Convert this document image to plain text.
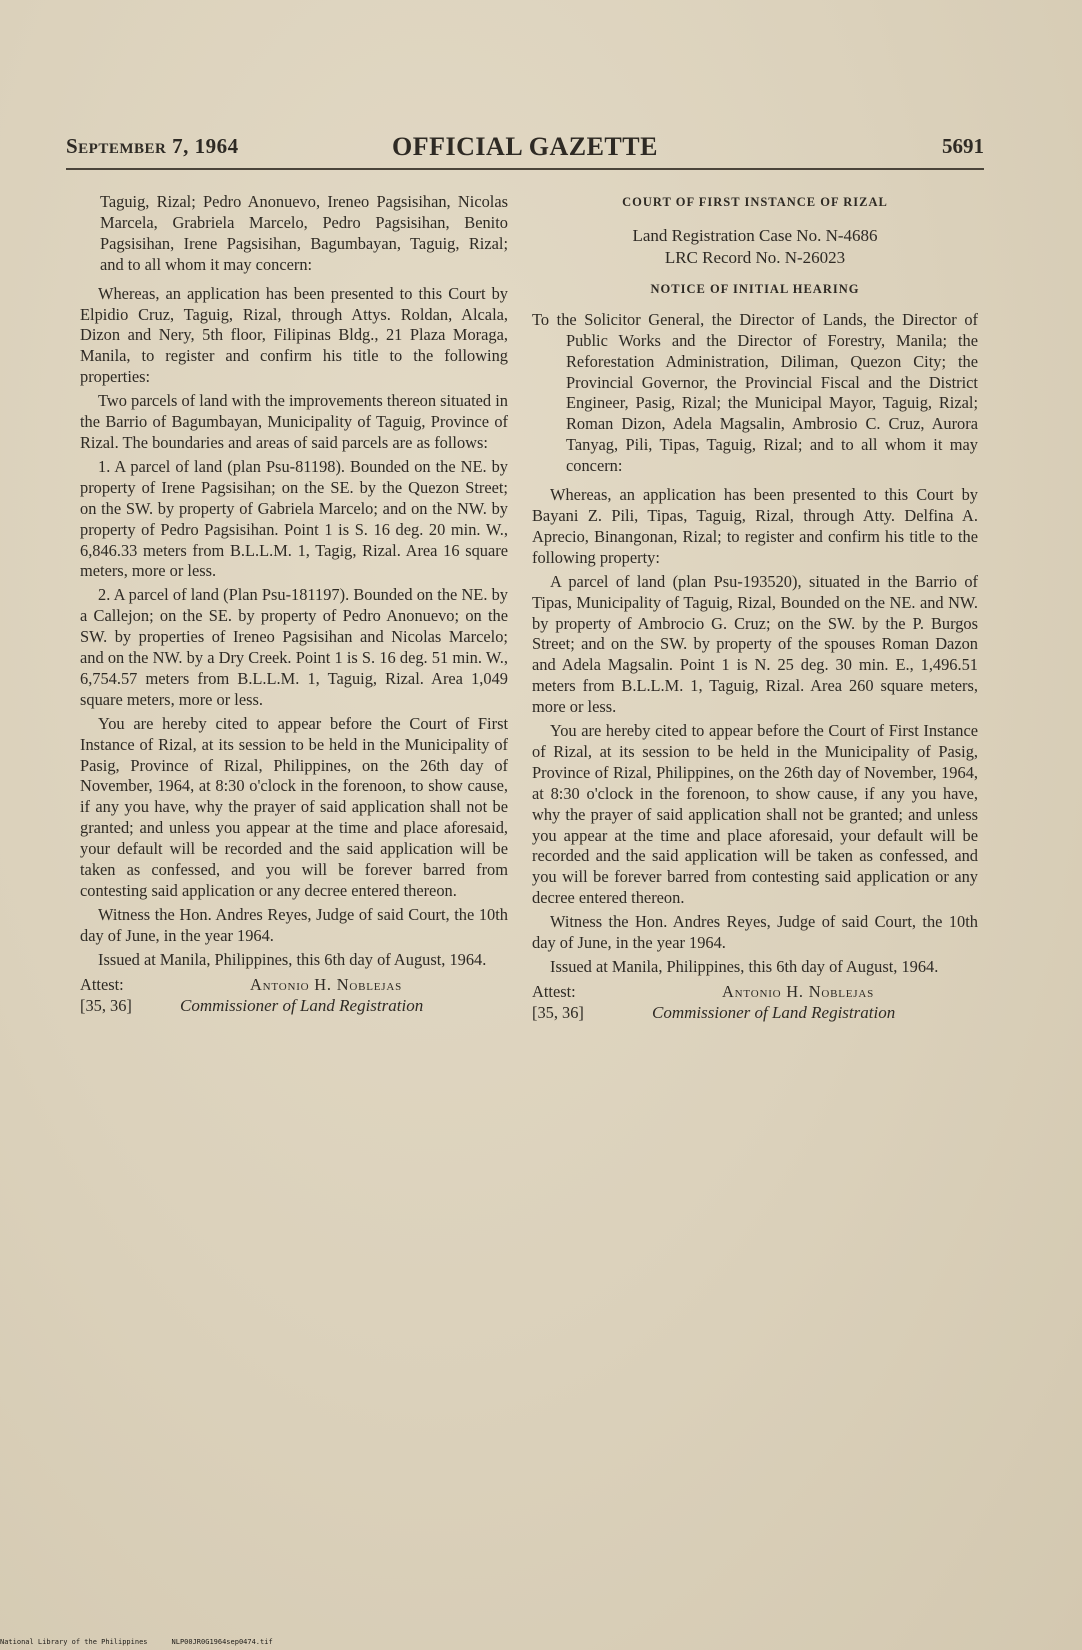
September 7, 1964	OFFICIAL GAZETTE	5691

Taguig, Rizal; Pedro Anonuevo, Ireneo Pagsisihan, Nicolas Marcela, Grabriela Marcelo, Pedro Pagsisihan, Benito Pagsisihan, Irene Pagsisihan, Bagumbayan, Taguig, Rizal; and to all whom it may concern:

Whereas, an application has been presented to this Court by Elpidio Cruz, Taguig, Rizal, through Attys. Roldan, Alcala, Dizon and Nery, 5th floor, Filipinas Bldg., 21 Plaza Moraga, Manila, to register and confirm his title to the following properties:

Two parcels of land with the improvements thereon situated in the Barrio of Bagumbayan, Municipality of Taguig, Province of Rizal. The boundaries and areas of said parcels are as follows:

1. A parcel of land (plan Psu-81198). Bounded on the NE. by property of Irene Pagsisihan; on the SE. by the Quezon Street; on the SW. by property of Gabriela Marcelo; and on the NW. by property of Pedro Pagsisihan. Point 1 is S. 16 deg. 20 min. W., 6,846.33 meters from B.L.L.M. 1, Tagig, Rizal. Area 16 square meters, more or less.

2. A parcel of land (Plan Psu-181197). Bounded on the NE. by a Callejon; on the SE. by property of Pedro Anonuevo; on the SW. by properties of Ireneo Pagsisihan and Nicolas Marcelo; and on the NW. by a Dry Creek. Point 1 is S. 16 deg. 51 min. W., 6,754.57 meters from B.L.L.M. 1, Taguig, Rizal. Area 1,049 square meters, more or less.

You are hereby cited to appear before the Court of First Instance of Rizal, at its session to be held in the Municipality of Pasig, Province of Rizal, Philippines, on the 26th day of November, 1964, at 8:30 o'clock in the forenoon, to show cause, if any you have, why the prayer of said application shall not be granted; and unless you appear at the time and place aforesaid, your default will be recorded and the said application will be taken as confessed, and you will be forever barred from contesting said application or any decree entered thereon.

Witness the Hon. Andres Reyes, Judge of said Court, the 10th day of June, in the year 1964.

Issued at Manila, Philippines, this 6th day of August, 1964.

Attest:	Antonio H. Noblejas
[35, 36]	Commissioner of Land Registration

COURT OF FIRST INSTANCE OF RIZAL

Land Registration Case No. N-4686
LRC Record No. N-26023

NOTICE OF INITIAL HEARING

To the Solicitor General, the Director of Lands, the Director of Public Works and the Director of Forestry, Manila; the Reforestation Administration, Diliman, Quezon City; the Provincial Governor, the Provincial Fiscal and the District Engineer, Pasig, Rizal; the Municipal Mayor, Taguig, Rizal; Roman Dizon, Adela Magsalin, Ambrosio C. Cruz, Aurora Tanyag, Pili, Tipas, Taguig, Rizal; and to all whom it may concern:

Whereas, an application has been presented to this Court by Bayani Z. Pili, Tipas, Taguig, Rizal, through Atty. Delfina A. Aprecio, Binangonan, Rizal; to register and confirm his title to the following property:

A parcel of land (plan Psu-193520), situated in the Barrio of Tipas, Municipality of Taguig, Rizal, Bounded on the NE. and NW. by property of Ambrocio G. Cruz; on the SW. by the P. Burgos Street; and on the SW. by property of the spouses Roman Dazon and Adela Magsalin. Point 1 is N. 25 deg. 30 min. E., 1,496.51 meters from B.L.L.M. 1, Taguig, Rizal. Area 260 square meters, more or less.

You are hereby cited to appear before the Court of First Instance of Rizal, at its session to be held in the Municipality of Pasig, Province of Rizal, Philippines, on the 26th day of November, 1964, at 8:30 o'clock in the forenoon, to show cause, if any you have, why the prayer of said application shall not be granted; and unless you appear at the time and place aforesaid, your default will be recorded and the said application will be taken as confessed, and you will be forever barred from contesting said application or any decree entered thereon.

Witness the Hon. Andres Reyes, Judge of said Court, the 10th day of June, in the year 1964.

Issued at Manila, Philippines, this 6th day of August, 1964.

Attest:	Antonio H. Noblejas
[35, 36]	Commissioner of Land Registration
National Library of the Philippines	NLP00JR0G1964sep0474.tif
